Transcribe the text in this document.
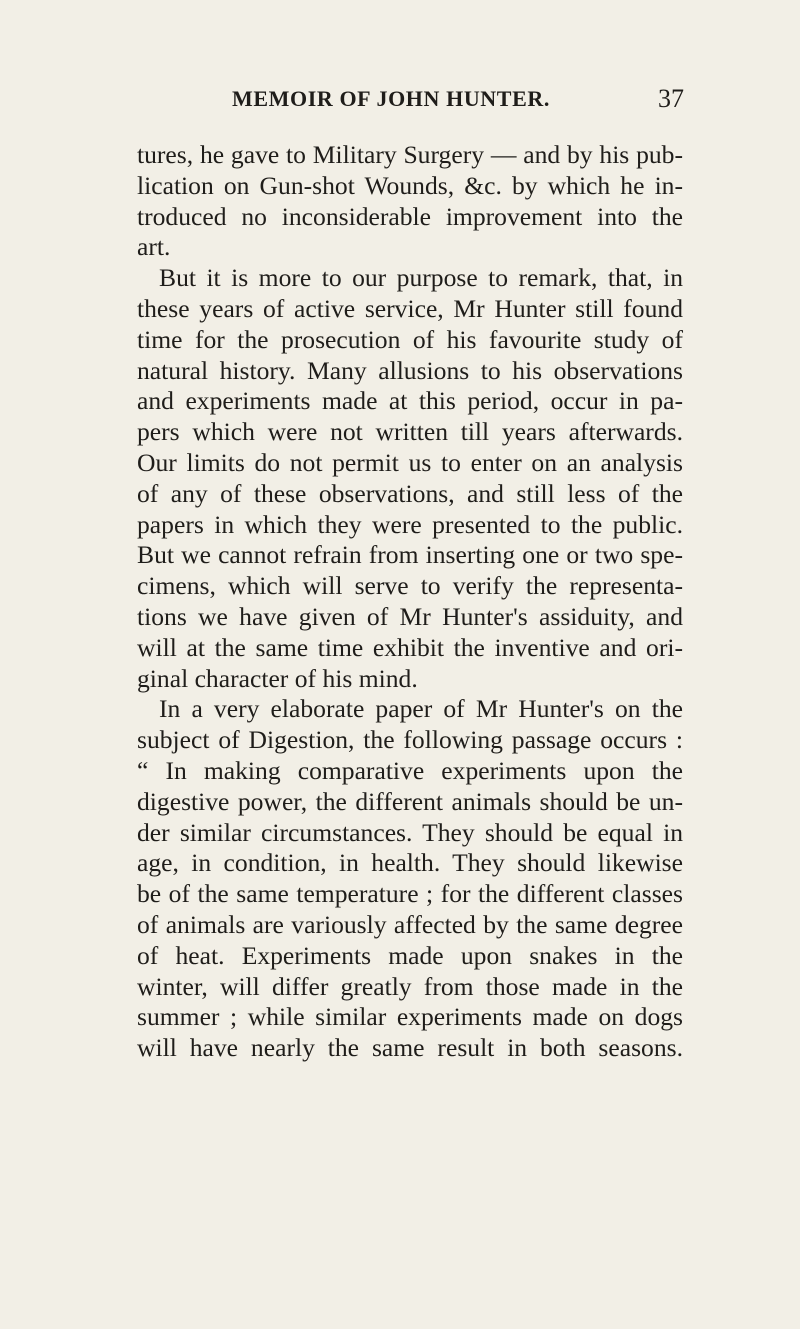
MEMOIR OF JOHN HUNTER.	37
tures, he gave to Military Surgery — and by his pub-
lication on Gun-shot Wounds, &c. by which he in-
troduced no inconsiderable improvement into the
art.
But it is more to our purpose to remark, that, in
these years of active service, Mr Hunter still found
time for the prosecution of his favourite study of
natural history. Many allusions to his observations
and experiments made at this period, occur in pa-
pers which were not written till years afterwards.
Our limits do not permit us to enter on an analysis
of any of these observations, and still less of the
papers in which they were presented to the public.
But we cannot refrain from inserting one or two spe-
cimens, which will serve to verify the representa-
tions we have given of Mr Hunter's assiduity, and
will at the same time exhibit the inventive and ori-
ginal character of his mind.
In a very elaborate paper of Mr Hunter's on the
subject of Digestion, the following passage occurs :
“ In making comparative experiments upon the
digestive power, the different animals should be un-
der similar circumstances. They should be equal in
age, in condition, in health. They should likewise
be of the same temperature ; for the different classes
of animals are variously affected by the same degree
of heat. Experiments made upon snakes in the
winter, will differ greatly from those made in the
summer ; while similar experiments made on dogs
will have nearly the same result in both seasons.
